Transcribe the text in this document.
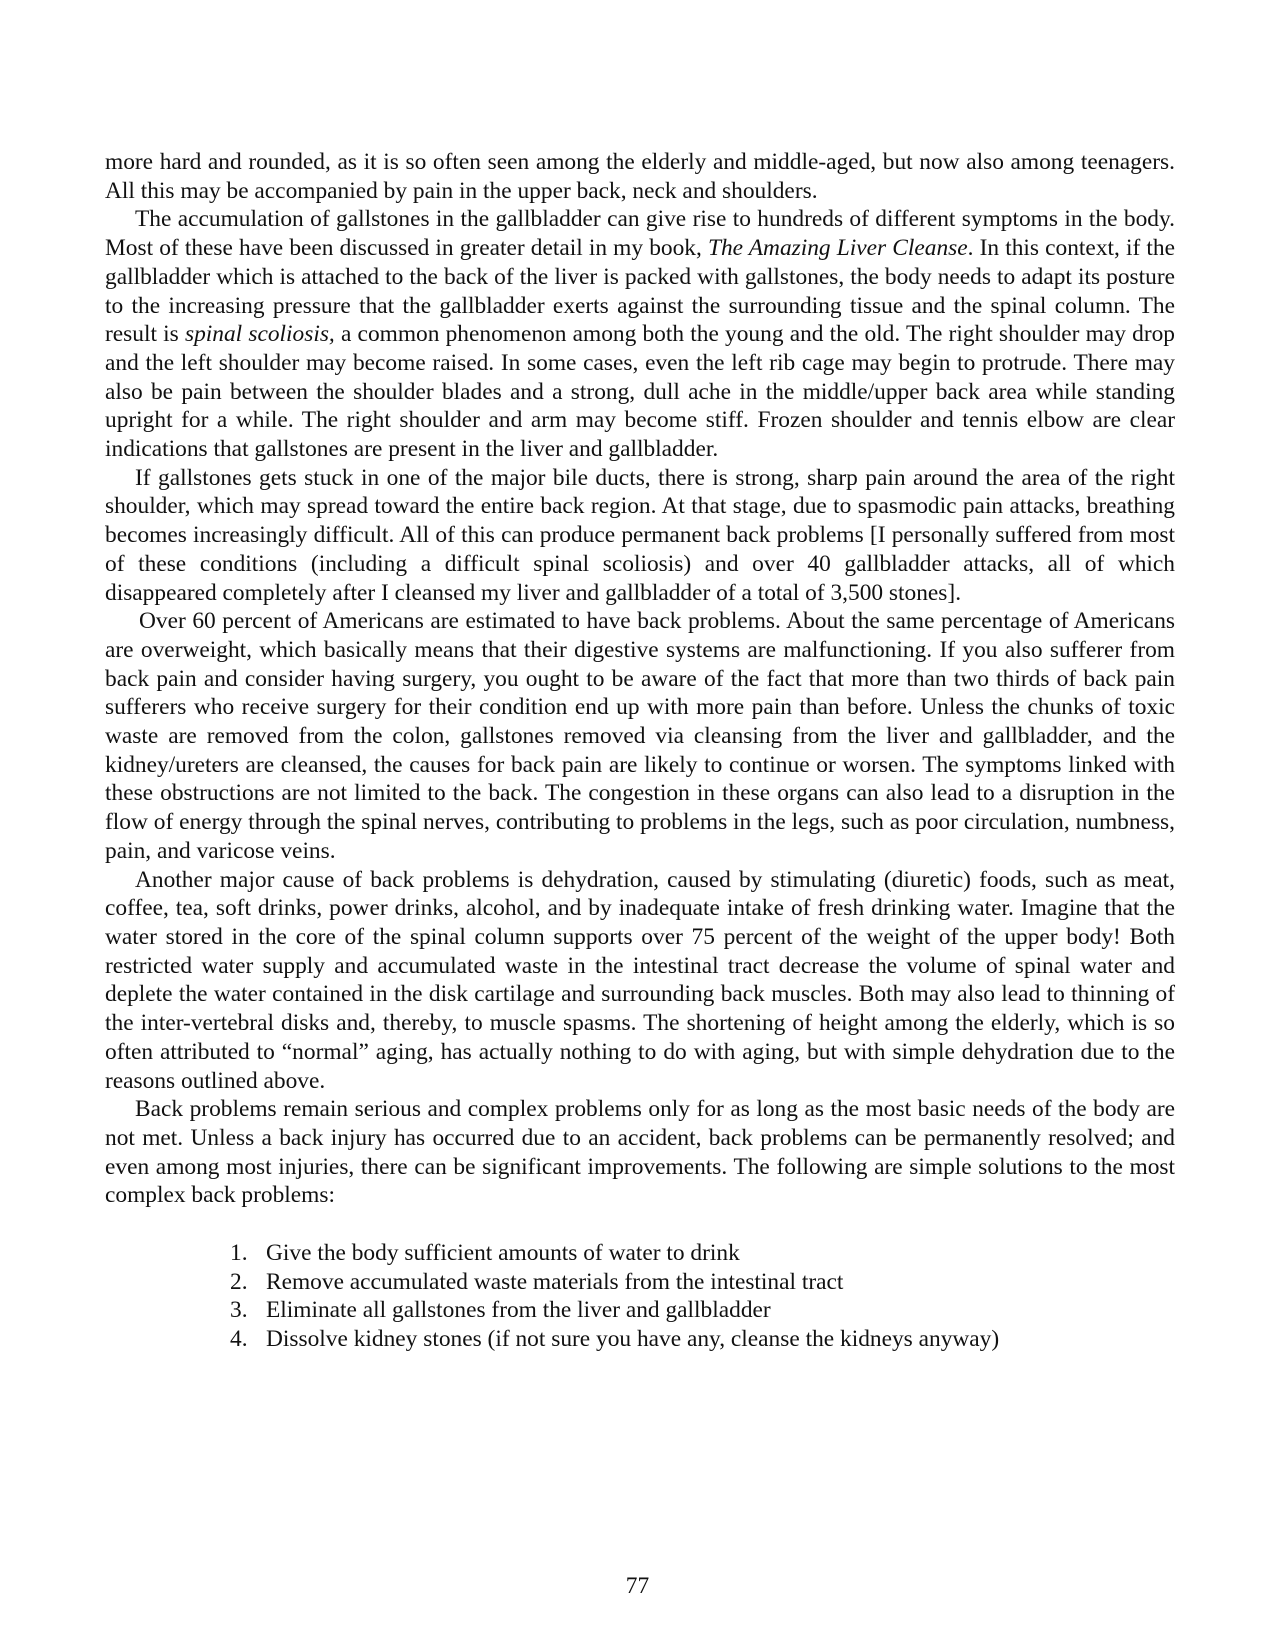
more hard and rounded, as it is so often seen among the elderly and middle-aged, but now also among teenagers. All this may be accompanied by pain in the upper back, neck and shoulders.

The accumulation of gallstones in the gallbladder can give rise to hundreds of different symptoms in the body. Most of these have been discussed in greater detail in my book, The Amazing Liver Cleanse. In this context, if the gallbladder which is attached to the back of the liver is packed with gallstones, the body needs to adapt its posture to the increasing pressure that the gallbladder exerts against the surrounding tissue and the spinal column. The result is spinal scoliosis, a common phenomenon among both the young and the old. The right shoulder may drop and the left shoulder may become raised. In some cases, even the left rib cage may begin to protrude. There may also be pain between the shoulder blades and a strong, dull ache in the middle/upper back area while standing upright for a while. The right shoulder and arm may become stiff. Frozen shoulder and tennis elbow are clear indications that gallstones are present in the liver and gallbladder.

If gallstones gets stuck in one of the major bile ducts, there is strong, sharp pain around the area of the right shoulder, which may spread toward the entire back region. At that stage, due to spasmodic pain attacks, breathing becomes increasingly difficult. All of this can produce permanent back problems [I personally suffered from most of these conditions (including a difficult spinal scoliosis) and over 40 gallbladder attacks, all of which disappeared completely after I cleansed my liver and gallbladder of a total of 3,500 stones].

Over 60 percent of Americans are estimated to have back problems. About the same percentage of Americans are overweight, which basically means that their digestive systems are malfunctioning. If you also sufferer from back pain and consider having surgery, you ought to be aware of the fact that more than two thirds of back pain sufferers who receive surgery for their condition end up with more pain than before. Unless the chunks of toxic waste are removed from the colon, gallstones removed via cleansing from the liver and gallbladder, and the kidney/ureters are cleansed, the causes for back pain are likely to continue or worsen. The symptoms linked with these obstructions are not limited to the back. The congestion in these organs can also lead to a disruption in the flow of energy through the spinal nerves, contributing to problems in the legs, such as poor circulation, numbness, pain, and varicose veins.

Another major cause of back problems is dehydration, caused by stimulating (diuretic) foods, such as meat, coffee, tea, soft drinks, power drinks, alcohol, and by inadequate intake of fresh drinking water. Imagine that the water stored in the core of the spinal column supports over 75 percent of the weight of the upper body! Both restricted water supply and accumulated waste in the intestinal tract decrease the volume of spinal water and deplete the water contained in the disk cartilage and surrounding back muscles. Both may also lead to thinning of the inter-vertebral disks and, thereby, to muscle spasms. The shortening of height among the elderly, which is so often attributed to “normal” aging, has actually nothing to do with aging, but with simple dehydration due to the reasons outlined above.

Back problems remain serious and complex problems only for as long as the most basic needs of the body are not met. Unless a back injury has occurred due to an accident, back problems can be permanently resolved; and even among most injuries, there can be significant improvements. The following are simple solutions to the most complex back problems:

1. Give the body sufficient amounts of water to drink
2. Remove accumulated waste materials from the intestinal tract
3. Eliminate all gallstones from the liver and gallbladder
4. Dissolve kidney stones (if not sure you have any, cleanse the kidneys anyway)
77
